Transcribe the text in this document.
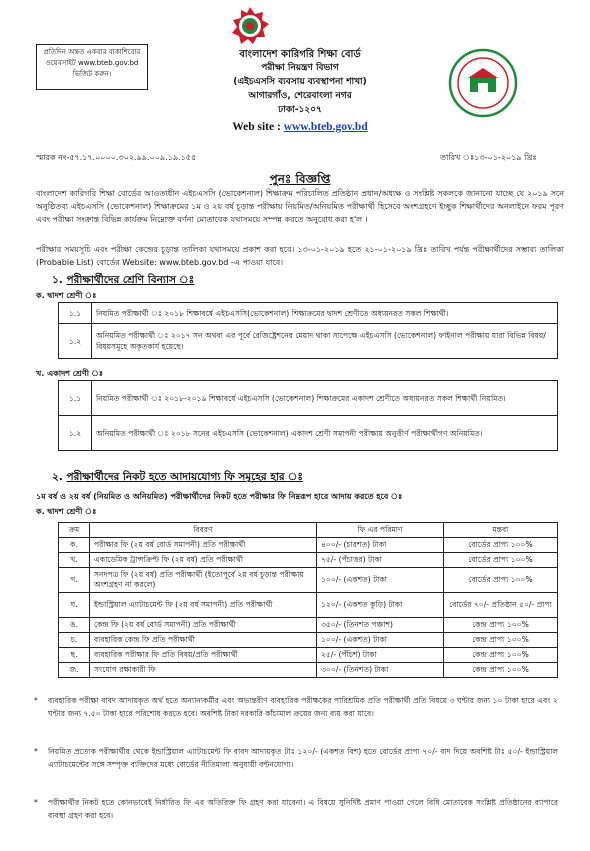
প্রতিদিন অন্তত একবার বাকাশিবোর ওয়েবসাইট www.bteb.gov.bd ভিজিট করুন।
বাংলাদেশ কারিগরি শিক্ষা বোর্ড
পরীক্ষা নিয়ন্ত্রণ বিভাগ
(এইচএসসি ব্যবসায় ব্যবস্থাপনা শাখা)
আগারগাঁও, শেরেবাংলা নগর
ঢাকা-১২০৭
Web site : www.bteb.gov.bd
স্মারক নং-৫৭.১৭.০০০০.৩০২.৯৯.০০৯.১৯.১৫৫	তারিখ ঃ১৩-০১-২০১৯ খ্রিঃ
পুনঃ বিজ্ঞপ্তি
বাংলাদেশ কারিগরি শিক্ষা বোর্ডের আওতাধীন এইচএসসি (ভোকেশনাল) শিক্ষাক্রম পরিচালিত প্রতিষ্ঠান প্রধান/অধ্যক্ষ ও সংশ্লিষ্ট সকলকে জানানো যাচ্ছে যে ২০১৯ সনে অনুষ্ঠিতব্য এইচএসসি (ভোকেশনাল) শিক্ষাক্রমের ১ম ও ২য় বর্ষ চূড়ান্ত পরীক্ষায় নিয়মিত/অনিয়মিত পরীক্ষার্থী হিসেবে অংশগ্রহণে ইচ্ছুক শিক্ষার্থীদের অনলাইনে ফরম পূরণ এবং পরীক্ষা সংক্রান্ত বিভিন্ন কার্যক্রম নিম্নোক্ত বর্ণনা মোতাবেক যথাসময়ে সম্পন্ন করতে অনুরোধ করা হ'ল ।
পরীক্ষার সময়সূচি এবং পরীক্ষা কেন্দ্রের চূড়ান্ত তালিকা যথাসময়ে প্রকাশ করা হবে। ১৩-০১-২০১৯ হতে ২১-০১-২০১৯ খ্রিঃ তারিখ পর্যন্ত পরীক্ষার্থীদের সম্ভাব্য তালিকা (Probable List) বোর্ডের Website: www.bteb.gov.bd -এ পাওয়া যাবে।
১. পরীক্ষার্থীদের শ্রেণি বিন্যাস ঃ
ক. দ্বাদশ শ্রেণী ঃ
১.১	নিয়মিত পরীক্ষার্থী ঃ ২০১৮ শিক্ষাবর্ষে এইচএসসি(ভোকেশনাল) শিক্ষাক্রমের দ্বাদশ শ্রেণীতে অধ্যয়নরত সকল শিক্ষার্থী।
১.২	অনিয়মিত পরীক্ষার্থী ঃ ২০১৭ সন অথবা এর পূর্বে রেজিষ্ট্রেশনের মেয়াদ থাকা সাপেক্ষে এইচএসসি (ভোকেশনাল) ফাইনাল পরীক্ষায় যারা বিভিন্ন বিষয়/বিষয়সমূহে অকৃতকার্য হয়েছে।
খ. একাদশ শ্রেণী ঃ
১.১	নিয়মিত পরীক্ষার্থী ঃ ২০১৮-২০১৯ শিক্ষাবর্ষে এইচএসসি (ভোকেশনাল) শিক্ষাক্রমের একাদশ শ্রেণীতে অধ্যয়নরত সকল শিক্ষার্থী নিয়মিত।
১.২	অনিয়মিত পরীক্ষার্থী ঃ ২০১৮ সনের এইচএসসি (ভোকেশনাল) একাদশ শ্রেণী সমাপনী পরীক্ষায় অনুত্তীর্ণ পরীক্ষার্থীগণ অনিয়মিত।
২. পরীক্ষার্থীদের নিকট হতে আদায়যোগ্য ফি সমূহের হার ঃ
১ম বর্ষ ও ২য় বর্ষ (নিয়মিত ও অনিয়মিত) পরীক্ষার্থীদের নিকট হতে পরীক্ষার ফি নিম্নরূপ হারে আদায় করতে হবে ঃ
ক. দ্বাদশ শ্রেণী ঃ
ক্রম	বিবরণ	ফি এর পরিমাণ	মন্তব্য
ক.	পরীক্ষার ফি (২য় বর্ষ বোর্ড সমাপনী) প্রতি পরীক্ষার্থী	৪০০/- (চারশত) টাকা	বোর্ডের প্রাপ্য ১০০%
খ.	একাডেমিক ট্রান্সক্রিপ্ট ফি (২য় বর্ষ) প্রতি পরীক্ষার্থী	৭৫/- (পঁচাত্তর) টাকা	বোর্ডের প্রাপ্য ১০০%
গ.	সনদপত্র ফি (২য় বর্ষ) প্রতি পরীক্ষার্থী (ইতোপূর্বে ২য় বর্ষ চূড়ান্ত পরীক্ষায় অংশগ্রহণ না করলে)	১০০/- (একশত) টাকা	বোর্ডের প্রাপ্য ১০০%
ঘ.	ইন্ডাস্ট্রিয়াল এ্যাটাচমেন্ট ফি (২য় বর্ষ সমাপনী) প্রতি পরীক্ষার্থী	১২০/- (একশত কুড়ি) টাকা	বোর্ডের ৭০/- প্রতিষ্ঠান ৫০/- প্রাপ্য
ঙ.	কেন্দ্র ফি (২য় বর্ষ বোর্ড সমাপনী) প্রতি পরীক্ষার্থী	৩৫০/- (তিনশত পঞ্চাশ)	কেন্দ্র প্রাপ্য ১০০%
চ.	ব্যবহারিক কেন্দ্র ফি প্রতি পরীক্ষার্থী	১০০/- (একশত) টাকা	কেন্দ্র প্রাপ্য ১০০%
ছ.	ব্যবহারিক পরীক্ষার ফি প্রতি বিষয়/প্রতি পরীক্ষার্থী	২৫/- (পঁচিশ) টাকা	কেন্দ্র প্রাপ্য ১০০%
জ.	সংযোগ রক্ষাকারী ফি	৩০০/- (তিনশত) টাকা	কেন্দ্র প্রাপ্য ১০০%
* ব্যবহারিক পরীক্ষা বাবদ আদায়কৃত অর্থ হতে অন্যান্যকর্মীর এবং অভ্যন্তরীণ ব্যবহারিক পরীক্ষকের পারিশ্রমিক প্রতি পরীক্ষার্থী প্রতি বিষয়ে ৩ ঘন্টার জন্য ১০ টাকা হারে এবং ২ ঘন্টার জন্য ৭.৫০ টাকা হারে পরিশোধ করতে হবে। অবশিষ্ট টাকা দরকারি কাঁচামাল ক্রয়ের জন্য ব্যয় করা যাবে।
* নিয়মিত প্রত্যেক পরীক্ষার্থীর থেকে ইন্ডাস্ট্রিয়াল এ্যাটাচমেন্ট ফি বাবদ আদায়কৃত টাঃ ১২০/- (একশত বিশ) হতে বোর্ডের প্রাপ্য ৭০/- বাদ দিয়ে অবশিষ্ট টাঃ ৫০/- ইন্ডাস্ট্রিয়াল এ্যাটাচমেন্টের সঙ্গে সম্পৃক্ত ব্যক্তিদের মধ্যে বোর্ডের নীতিমালা অনুযায়ী বন্টনযোগ্য।
* পরীক্ষার্থীর নিকট হতে কোনভাবেই নির্ধারিত ফি এর অতিরিক্ত ফি গ্রহণ করা যাবেনা। এ বিষয়ে সুনির্দিষ্ট প্রমাণ পাওয়া গেলে বিধি মোতাবেক সংশ্লিষ্ট প্রতিষ্ঠানের ব্যাপারে ব্যবস্থা গ্রহণ করা হবে।
